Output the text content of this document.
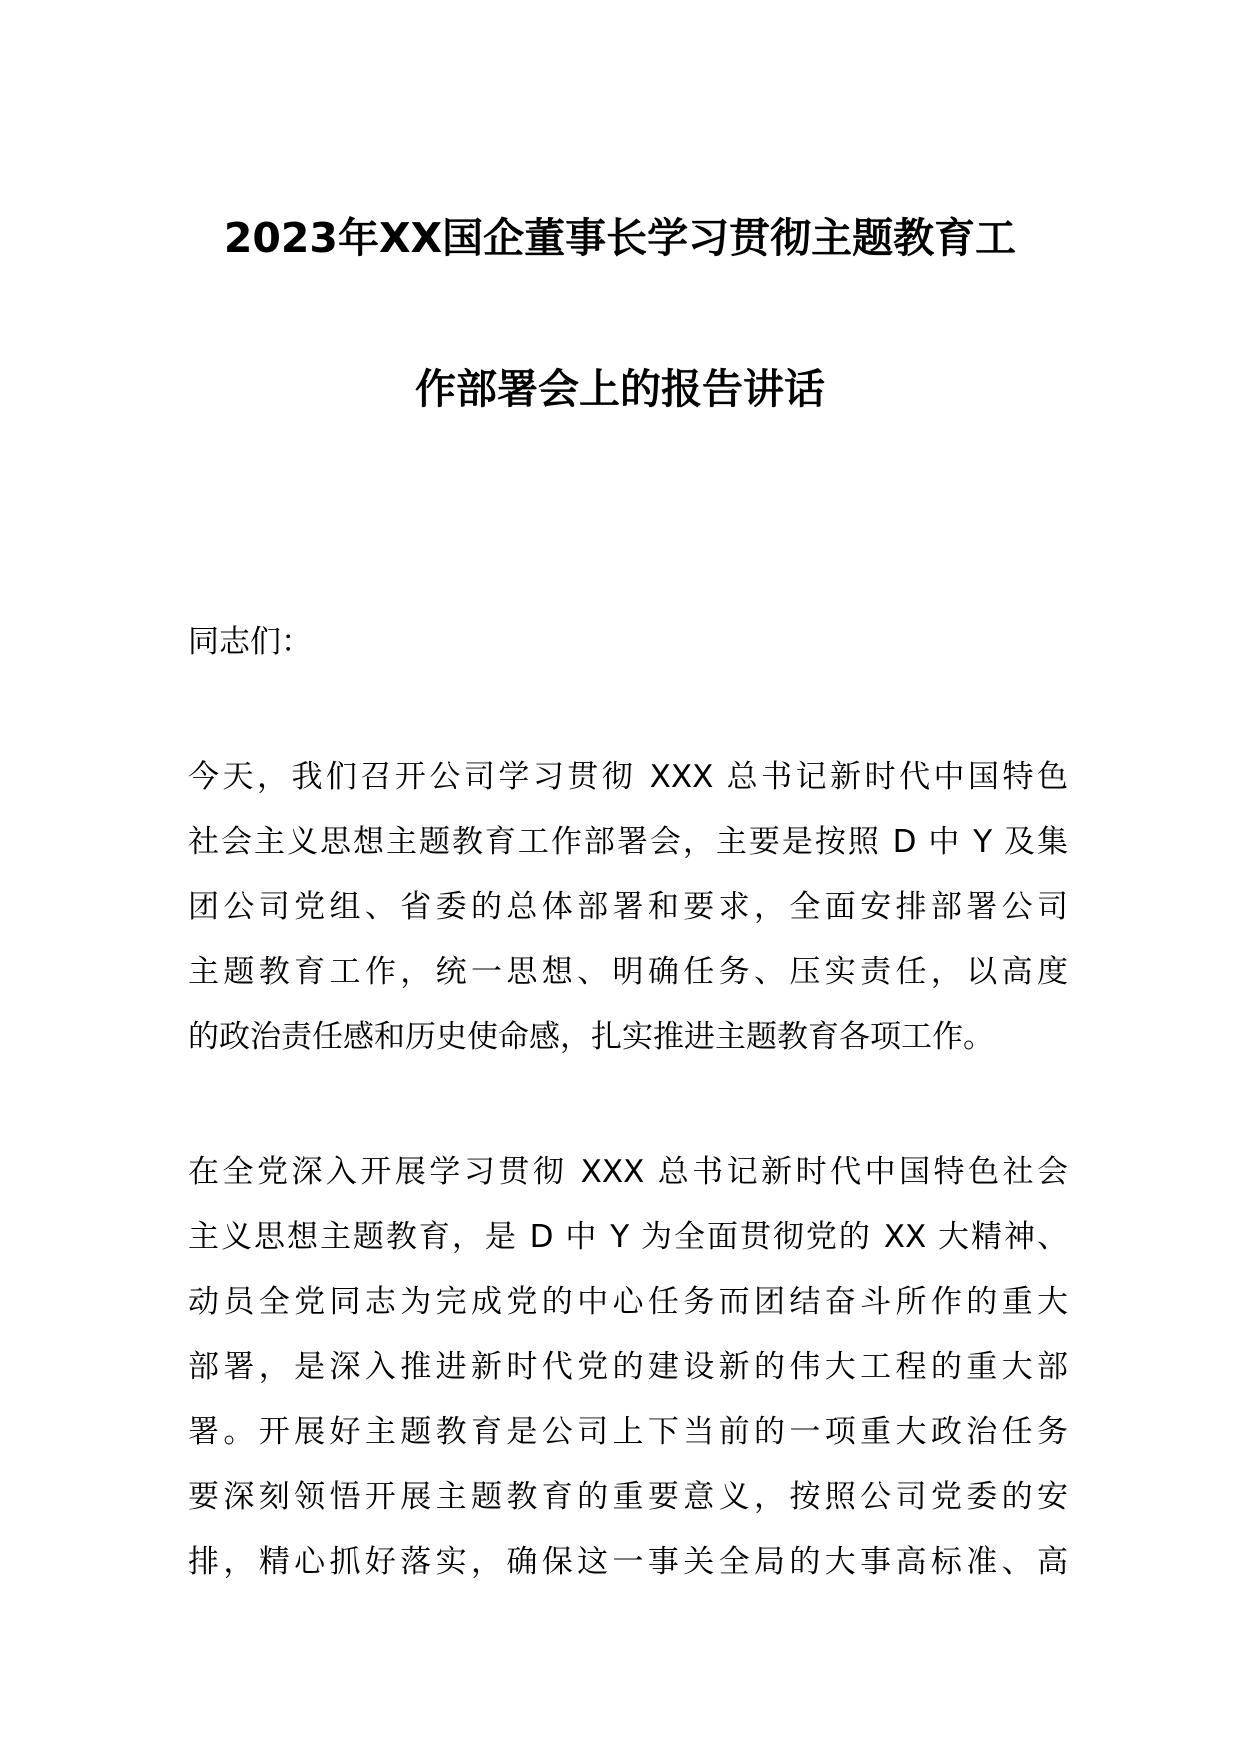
2023年XX国企董事长学习贯彻主题教育工
作部署会上的报告讲话
同志们：
今天，我们召开公司学习贯彻 XXX 总书记新时代中国特色
社会主义思想主题教育工作部署会，主要是按照 D 中 Y 及集
团公司党组、省委的总体部署和要求，全面安排部署公司
主题教育工作，统一思想、明确任务、压实责任，以高度
的政治责任感和历史使命感，扎实推进主题教育各项工作。
在全党深入开展学习贯彻 XXX 总书记新时代中国特色社会
主义思想主题教育，是 D 中 Y 为全面贯彻党的 XX 大精神、
动员全党同志为完成党的中心任务而团结奋斗所作的重大
部署，是深入推进新时代党的建设新的伟大工程的重大部
署。开展好主题教育是公司上下当前的一项重大政治任务
要深刻领悟开展主题教育的重要意义，按照公司党委的安
排，精心抓好落实，确保这一事关全局的大事高标准、高
